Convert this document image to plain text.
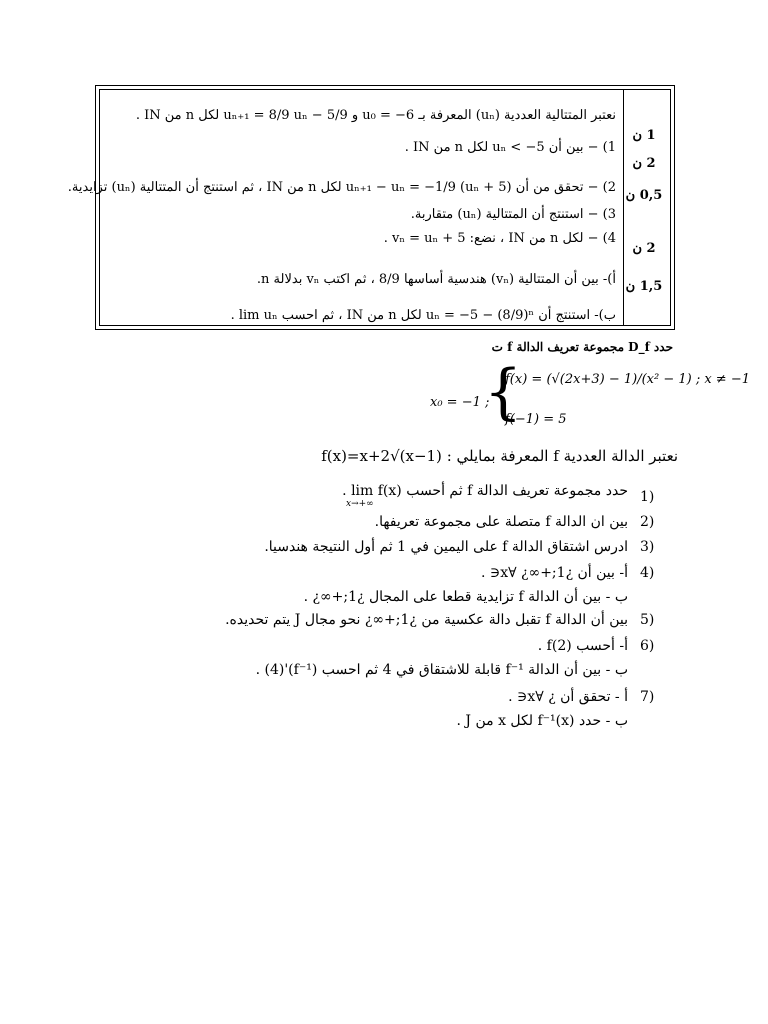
نعتبر المتتالية العددية (uₙ) المعرفة بـ u₀ = −6 و uₙ₊₁ = 8/9 uₙ − 5/9 لكل n من IN .
1) − بين أن uₙ < −5 لكل n من IN .
2) − تحقق من أن uₙ₊₁ − uₙ = −1/9 (uₙ + 5) لكل n من IN ، ثم استنتج أن المتتالية (uₙ) تزايدية.
3) − استنتج أن المتتالية (uₙ) متقاربة.
4) − لكل n من IN ، نضع: vₙ = uₙ + 5 .
أ)- بين أن المتتالية (vₙ) هندسية أساسها 8/9 ، ثم اكتب vₙ بدلالة n.
ب)- استنتج أن uₙ = −5 − (8/9)ⁿ لكل n من IN ، ثم احسب lim uₙ .
1 ن
2 ن
0,5 ن
2 ن
1,5 ن
حدد D_f مجموعة تعريف الدالة f ت
{
f(x) = (√(2x+3) − 1)/(x² − 1) ; x ≠ −1
f(−1) = 5
x₀ = −1 ;
نعتبر الدالة العددية f المعرفة بمايلي : f(x)=x+2√(x−1)
1)
حدد مجموعة تعريف الدالة f ثم أحسب lim f(x) .
2)
بين ان الدالة f متصلة على مجموعة تعريفها.
3)
ادرس اشتقاق الدالة f على اليمين في 1 ثم أول النتيجة هندسيا.
4)
أ- بين أن ¿1;+∞¿ ∀x∈ .
ب - بين أن الدالة f تزايدية قطعا على المجال ¿1;+∞¿ .
5)
بين أن الدالة f تقبل دالة عكسية من ¿1;+∞¿ نحو مجال J يتم تحديده.
6)
أ- أحسب f(2) .
ب - بين أن الدالة f⁻¹ قابلة للاشتقاق في 4 ثم احسب (f⁻¹)'(4) .
7)
أ - تحقق أن ¿ ∀x∈ .
ب - حدد f⁻¹(x) لكل x من J .
x→+∞
